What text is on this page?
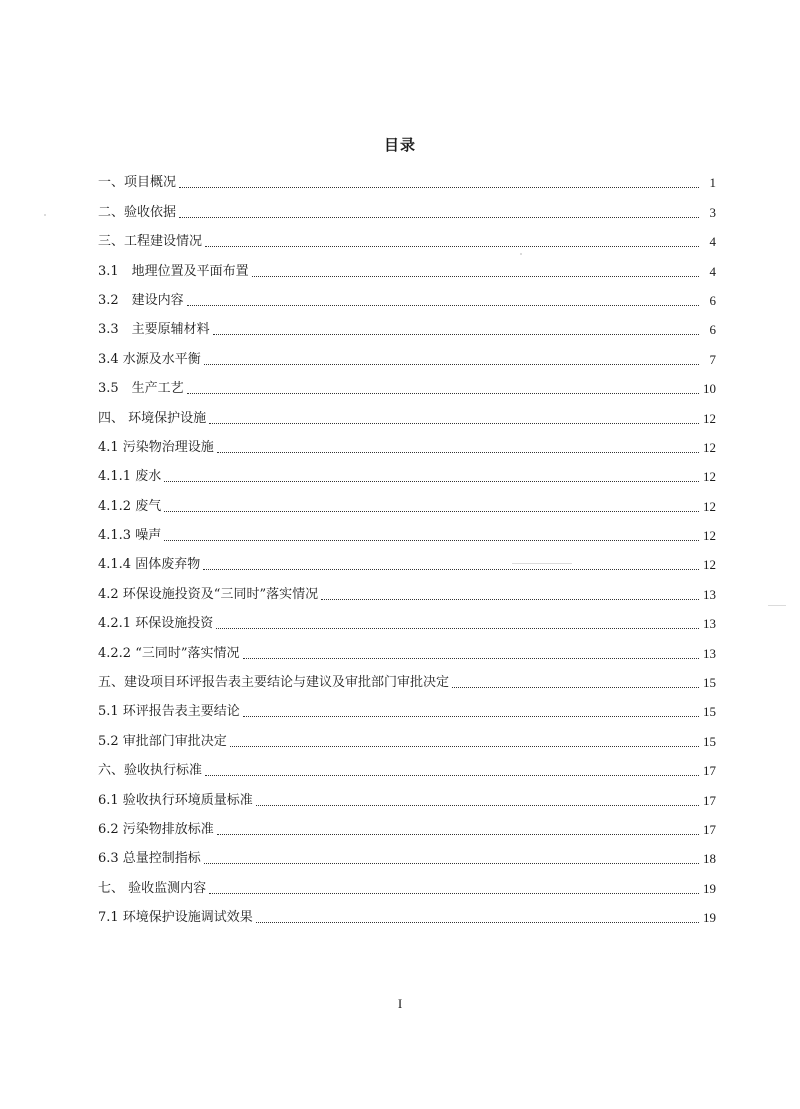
目录
一、项目概况	1
二、验收依据	3
三、工程建设情况	4
3.1　地理位置及平面布置	4
3.2　建设内容	6
3.3　主要原辅材料	6
3.4 水源及水平衡	7
3.5　生产工艺	10
四、 环境保护设施	12
4.1 污染物治理设施	12
4.1.1 废水	12
4.1.2 废气	12
4.1.3 噪声	12
4.1.4 固体废弃物	12
4.2 环保设施投资及“三同时”落实情况	13
4.2.1 环保设施投资	13
4.2.2 “三同时”落实情况	13
五、建设项目环评报告表主要结论与建议及审批部门审批决定	15
5.1 环评报告表主要结论	15
5.2 审批部门审批决定	15
六、验收执行标准	17
6.1 验收执行环境质量标准	17
6.2 污染物排放标准	17
6.3 总量控制指标	18
七、 验收监测内容	19
7.1 环境保护设施调试效果	19
I
